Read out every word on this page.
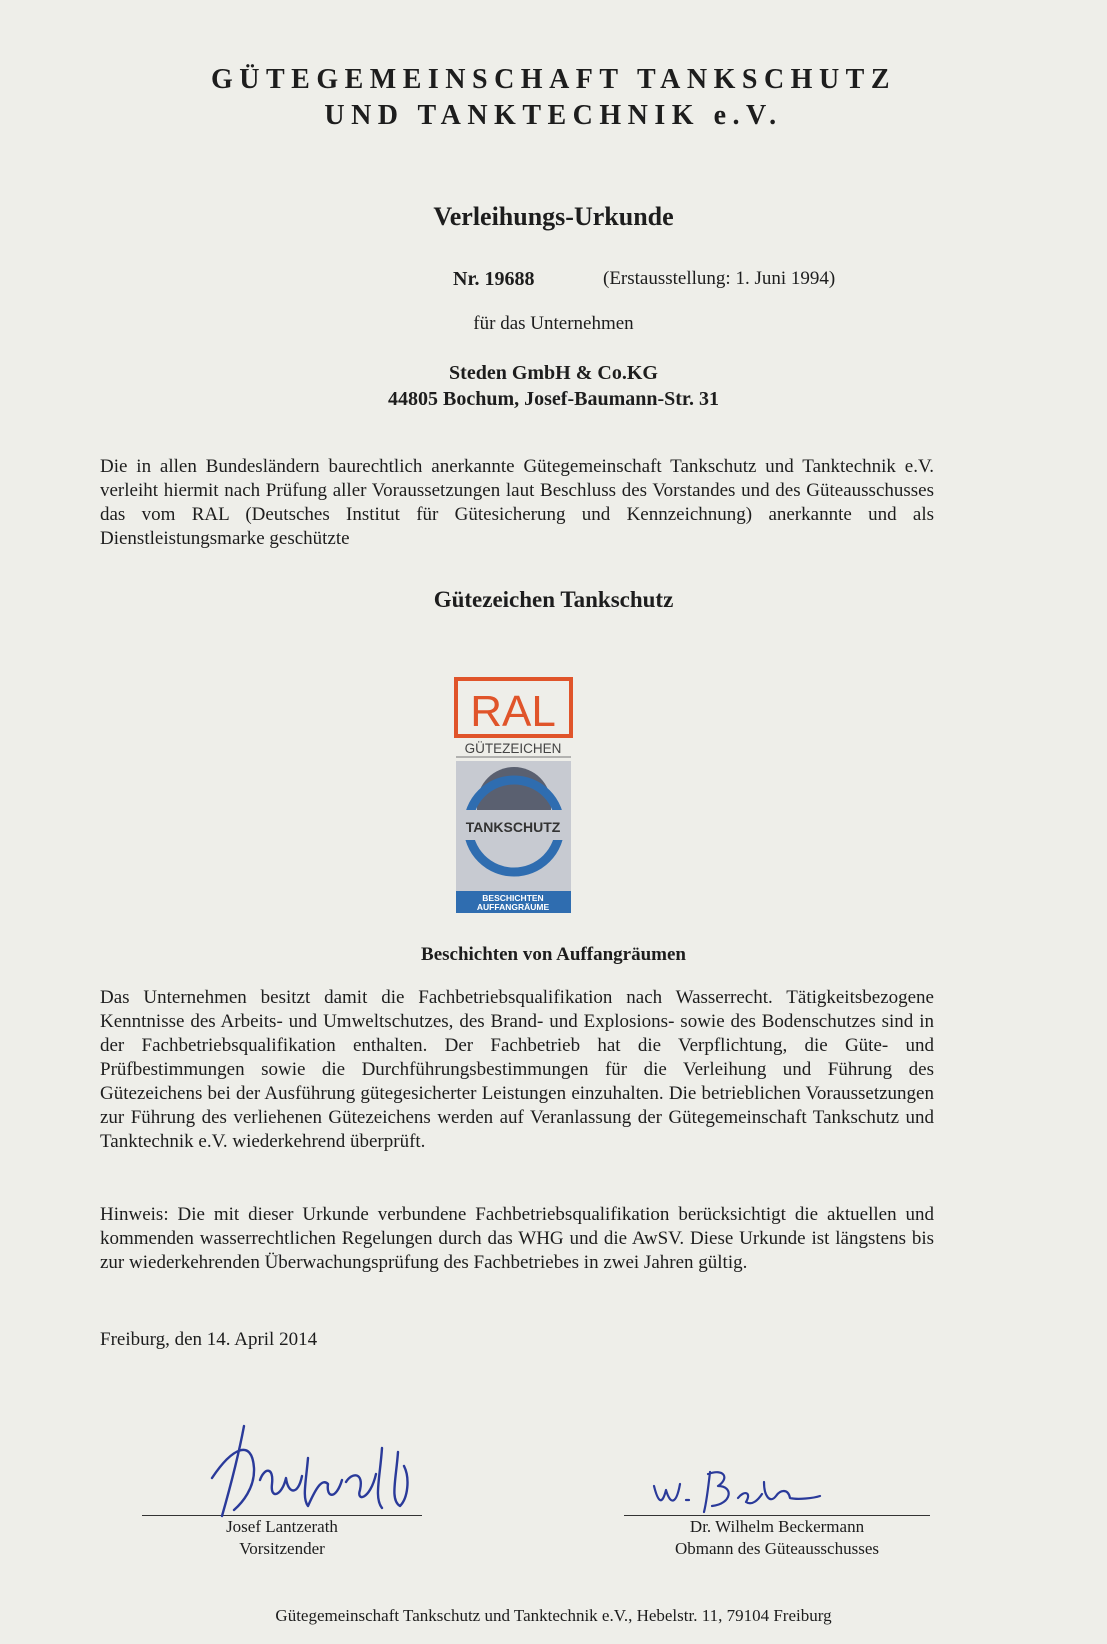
GÜTEGEMEINSCHAFT TANKSCHUTZ
UND TANKTECHNIK e.V.
Verleihungs-Urkunde
Nr. 19688	(Erstausstellung: 1. Juni 1994)
für das Unternehmen
Steden GmbH & Co.KG
44805 Bochum, Josef-Baumann-Str. 31
Die in allen Bundesländern baurechtlich anerkannte Gütegemeinschaft Tankschutz und Tanktechnik e.V. verleiht hiermit nach Prüfung aller Voraussetzungen laut Beschluss des Vorstandes und des Güteausschusses das vom RAL (Deutsches Institut für Gütesicherung und Kennzeichnung) anerkannte und als Dienstleistungsmarke geschützte
Gütezeichen Tankschutz
RAL
GÜTEZEICHEN
TANKSCHUTZ
BESCHICHTEN
AUFFANGRÄUME
Beschichten von Auffangräumen
Das Unternehmen besitzt damit die Fachbetriebsqualifikation nach Wasserrecht. Tätigkeitsbezogene Kenntnisse des Arbeits- und Umweltschutzes, des Brand- und Explosions- sowie des Bodenschutzes sind in der Fachbetriebsqualifikation enthalten. Der Fachbetrieb hat die Verpflichtung, die Güte- und Prüfbestimmungen sowie die Durchführungsbestimmungen für die Verleihung und Führung des Gütezeichens bei der Ausführung gütegesicherter Leistungen einzuhalten. Die betrieblichen Voraussetzungen zur Führung des verliehenen Gütezeichens werden auf Veranlassung der Gütegemeinschaft Tankschutz und Tanktechnik e.V. wiederkehrend überprüft.
Hinweis: Die mit dieser Urkunde verbundene Fachbetriebsqualifikation berücksichtigt die aktuellen und kommenden wasserrechtlichen Regelungen durch das WHG und die AwSV. Diese Urkunde ist längstens bis zur wiederkehrenden Überwachungsprüfung des Fachbetriebes in zwei Jahren gültig.
Freiburg, den 14. April 2014
Josef Lantzerath
Vorsitzender
Dr. Wilhelm Beckermann
Obmann des Güteausschusses
Gütegemeinschaft Tankschutz und Tanktechnik e.V., Hebelstr. 11, 79104 Freiburg
